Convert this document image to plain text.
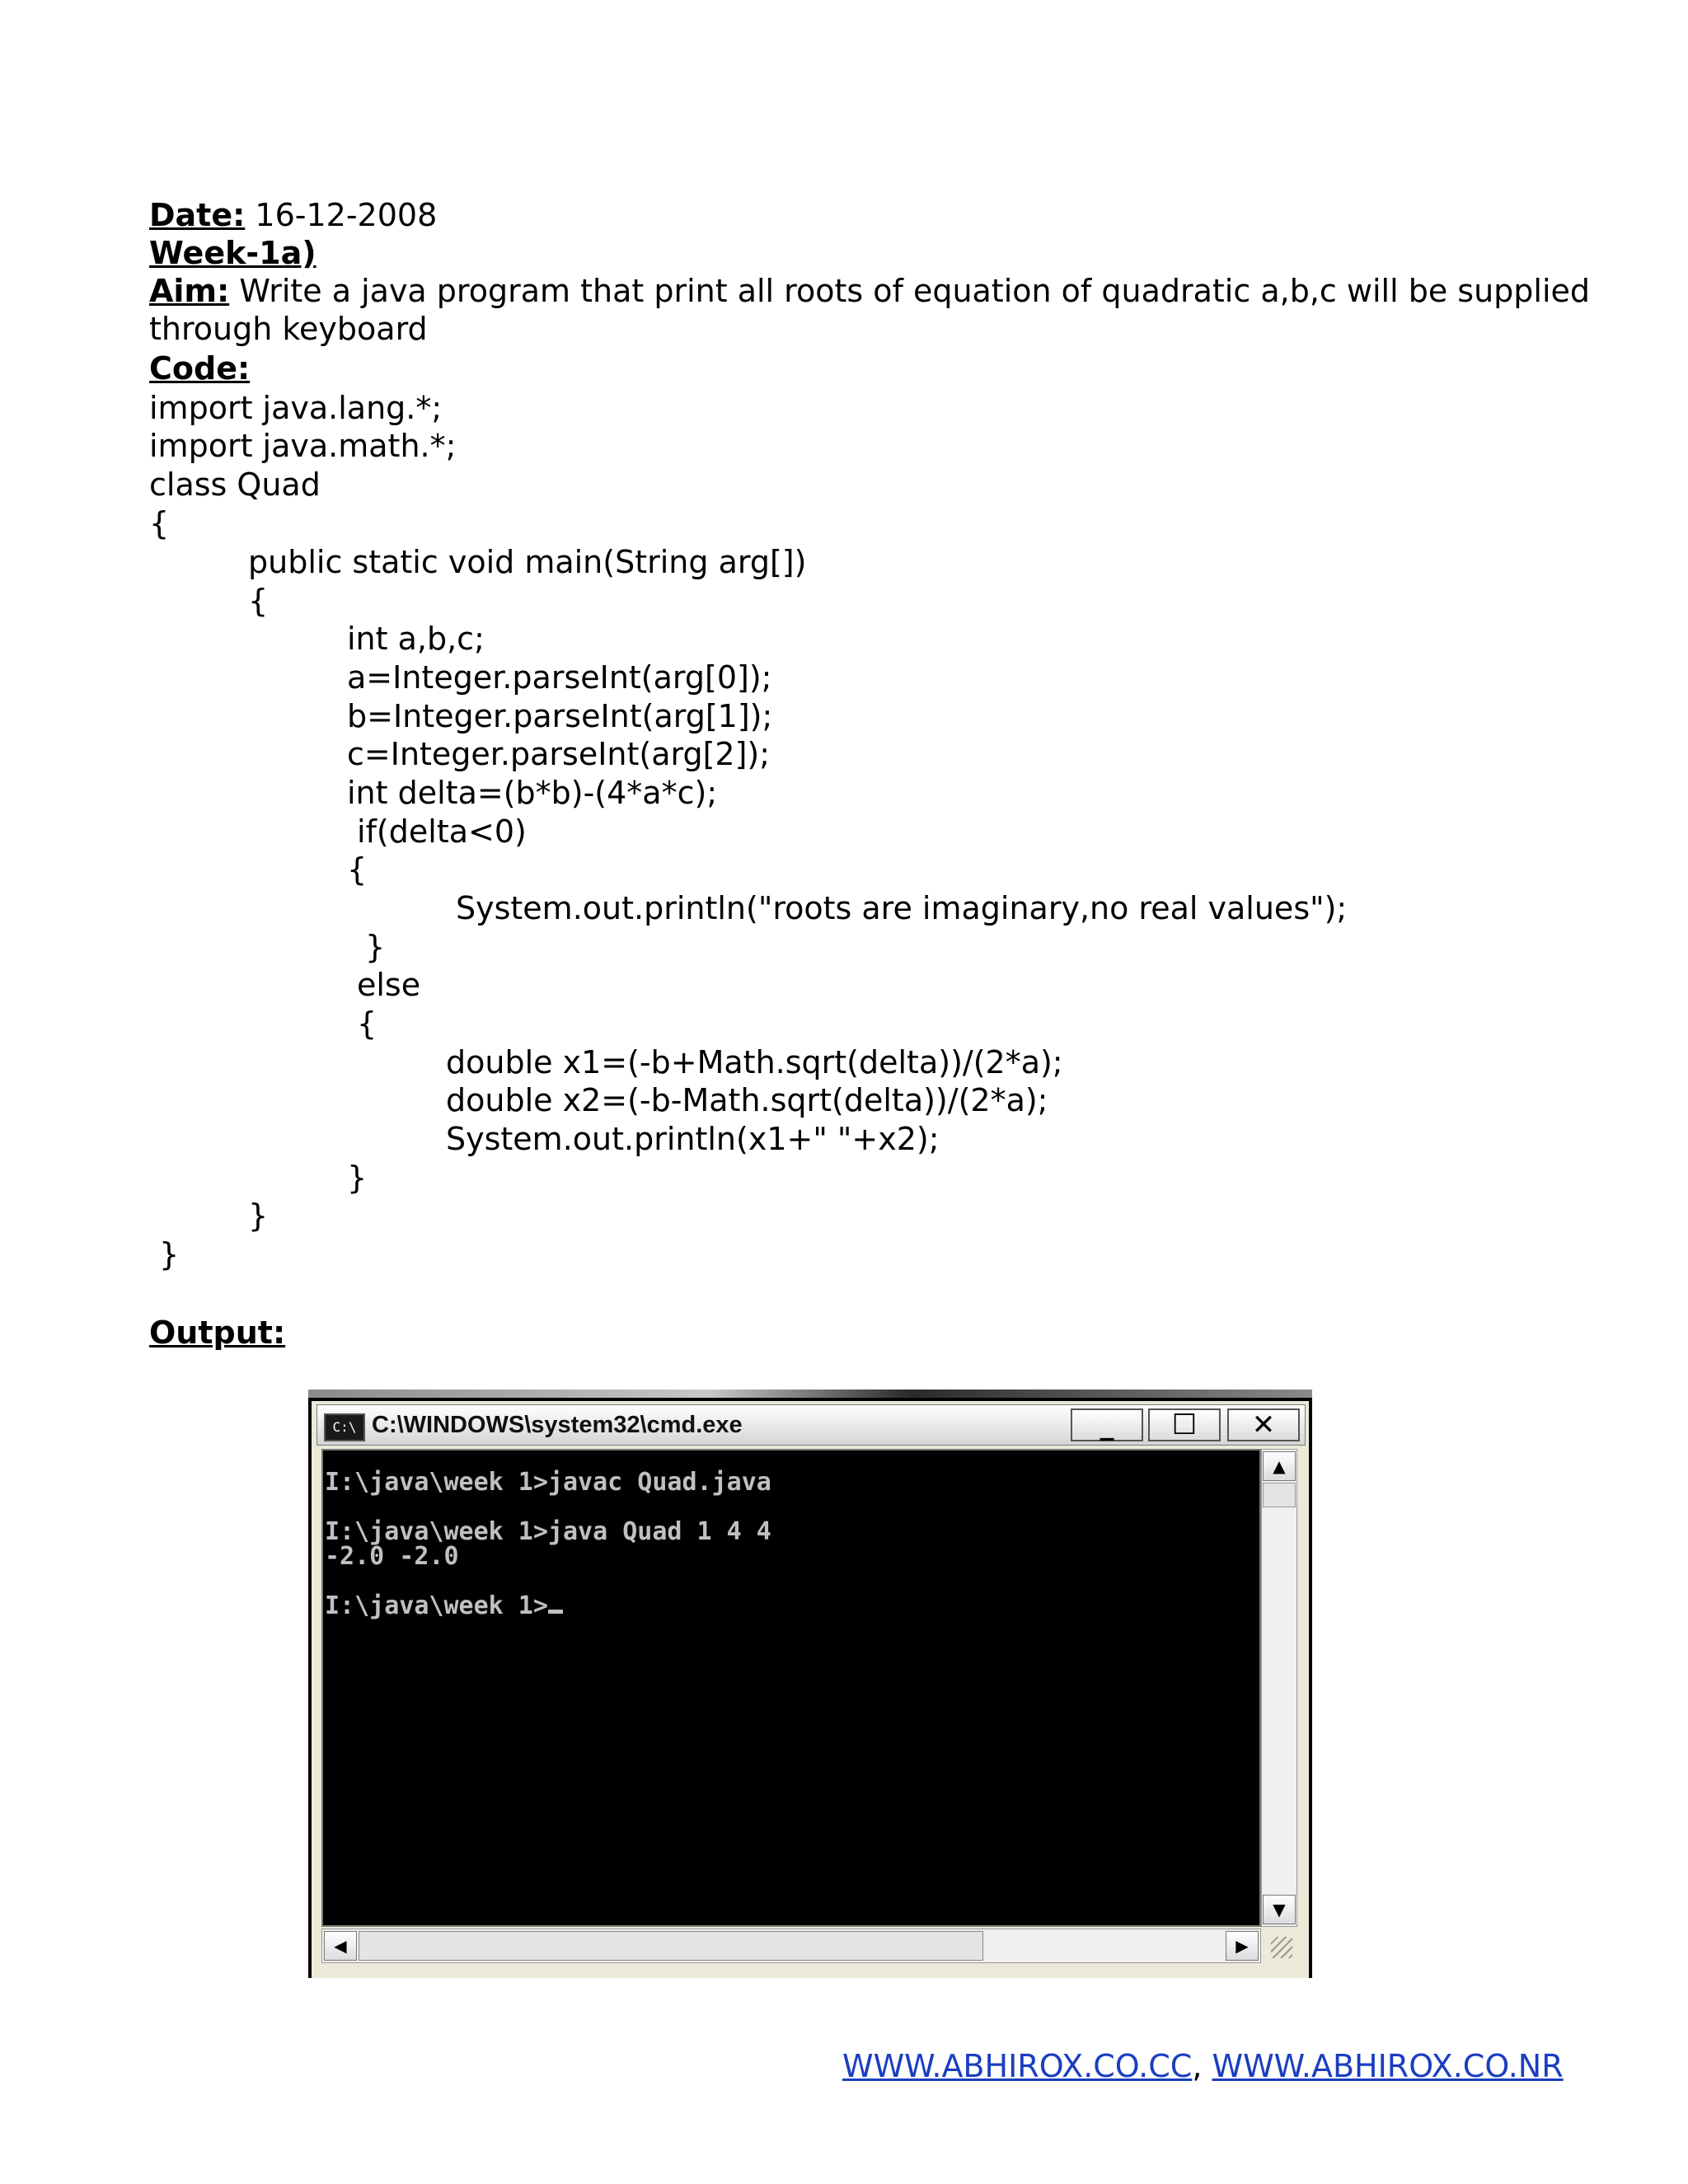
Date: 16-12-2008
Week-1a)
Aim: Write a java program that print all roots of equation of quadratic a,b,c will be supplied
through keyboard
Code:
import java.lang.*;
import java.math.*;
class Quad
{
public static void main(String arg[])
{
int a,b,c;
a=Integer.parseInt(arg[0]);
b=Integer.parseInt(arg[1]);
c=Integer.parseInt(arg[2]);
int delta=(b*b)-(4*a*c);
if(delta<0)
{
System.out.println("roots are imaginary,no real values");
}
else
{
double x1=(-b+Math.sqrt(delta))/(2*a);
double x2=(-b-Math.sqrt(delta))/(2*a);
System.out.println(x1+" "+x2);
}
}
}
Output:
C:\ C:\WINDOWS\system32\cmd.exe	_	☐	✕
I:\java\week 1>javac Quad.java
I:\java\week 1>java Quad 1 4 4
-2.0 -2.0
I:\java\week 1>
▲
▼
◀	▶
WWW.ABHIROX.CO.CC, WWW.ABHIROX.CO.NR
